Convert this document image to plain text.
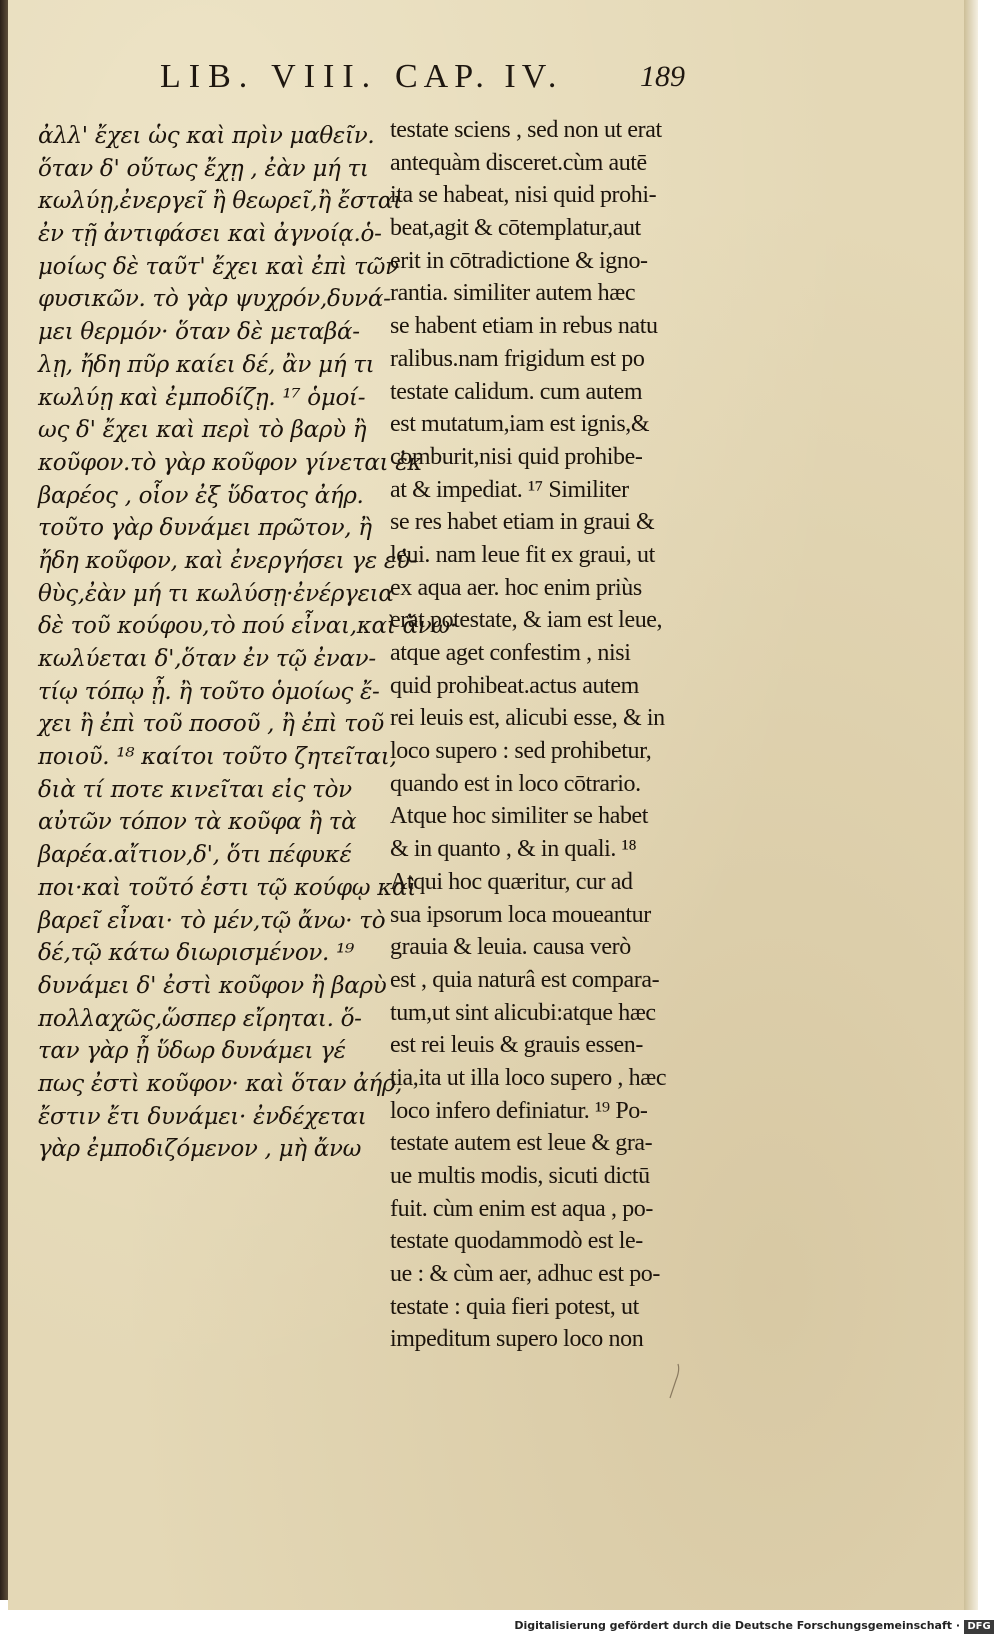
LIB. VIII. CAP. IV.	189
ἀλλ' ἔχει ὡς καὶ πρὶν μαθεῖν.
ὅταν δ' οὕτως ἔχῃ , ἐὰν μή τι
κωλύῃ,ἐνεργεῖ ἢ θεωρεῖ,ἢ ἔσται
ἐν τῇ ἀντιφάσει καὶ ἀγνοίᾳ.ὁ-
μοίως δὲ ταῦτ' ἔχει καὶ ἐπὶ τῶν
φυσικῶν. τὸ γὰρ ψυχρόν,δυνά-
μει θερμόν· ὅταν δὲ μεταβά-
λῃ, ἤδη πῦρ καίει δέ, ἂν μή τι
κωλύῃ καὶ ἐμποδίζῃ. ¹⁷ ὁμοί-
ως δ' ἔχει καὶ περὶ τὸ βαρὺ ἢ
κοῦφον.τὸ γὰρ κοῦφον γίνεται ἐκ
βαρέος , οἷον ἐξ ὕδατος ἀήρ.
τοῦτο γὰρ δυνάμει πρῶτον, ἢ
ἤδη κοῦφον, καὶ ἐνεργήσει γε εὐ-
θὺς,ἐὰν μή τι κωλύσῃ·ἐνέργεια
δὲ τοῦ κούφου,τὸ πού εἶναι,καὶ ἄνω·
κωλύεται δ',ὅταν ἐν τῷ ἐναν-
τίῳ τόπῳ ᾖ. ἢ τοῦτο ὁμοίως ἔ-
χει ἢ ἐπὶ τοῦ ποσοῦ , ἢ ἐπὶ τοῦ
ποιοῦ. ¹⁸ καίτοι τοῦτο ζητεῖται,
διὰ τί ποτε κινεῖται εἰς τὸν
αὐτῶν τόπον τὰ κοῦφα ἢ τὰ
βαρέα.αἴτιον,δ', ὅτι πέφυκέ
ποι·καὶ τοῦτό ἐστι τῷ κούφῳ καὶ
βαρεῖ εἶναι· τὸ μέν,τῷ ἄνω· τὸ
δέ,τῷ κάτω διωρισμένον. ¹⁹
δυνάμει δ' ἐστὶ κοῦφον ἢ βαρὺ
πολλαχῶς,ὥσπερ εἴρηται. ὅ-
ταν γὰρ ᾖ ὕδωρ δυνάμει γέ
πως ἐστὶ κοῦφον· καὶ ὅταν ἀήρ,
ἔστιν ἔτι δυνάμει· ἐνδέχεται
γὰρ ἐμποδιζόμενον , μὴ ἄνω
testate sciens , sed non ut erat
antequàm disceret.cùm autē
ita se habeat, nisi quid prohi-
beat,agit & cōtemplatur,aut
erit in cōtradictione & igno-
rantia. similiter autem hæc
se habent etiam in rebus natu
ralibus.nam frigidum est po
testate calidum. cum autem
est mutatum,iam est ignis,&
comburit,nisi quid prohibe-
at & impediat. ¹⁷ Similiter
se res habet etiam in graui &
leui. nam leue fit ex graui, ut
ex aqua aer. hoc enim priùs
erat potestate, & iam est leue,
atque aget confestim , nisi
quid prohibeat.actus autem
rei leuis est, alicubi esse, & in
loco supero : sed prohibetur,
quando est in loco cōtrario.
Atque hoc similiter se habet
& in quanto , & in quali. ¹⁸
Atqui hoc quæritur, cur ad
sua ipsorum loca moueantur
grauia & leuia. causa verò
est , quia naturâ est compara-
tum,ut sint alicubi:atque hæc
est rei leuis & grauis essen-
tia,ita ut illa loco supero , hæc
loco infero definiatur. ¹⁹ Po-
testate autem est leue & gra-
ue multis modis, sicuti dictū
fuit. cùm enim est aqua , po-
testate quodammodò est le-
ue : & cùm aer, adhuc est po-
testate : quia fieri potest, ut
impeditum supero loco non
Digitalisierung gefördert durch die Deutsche Forschungsgemeinschaft · DFG
